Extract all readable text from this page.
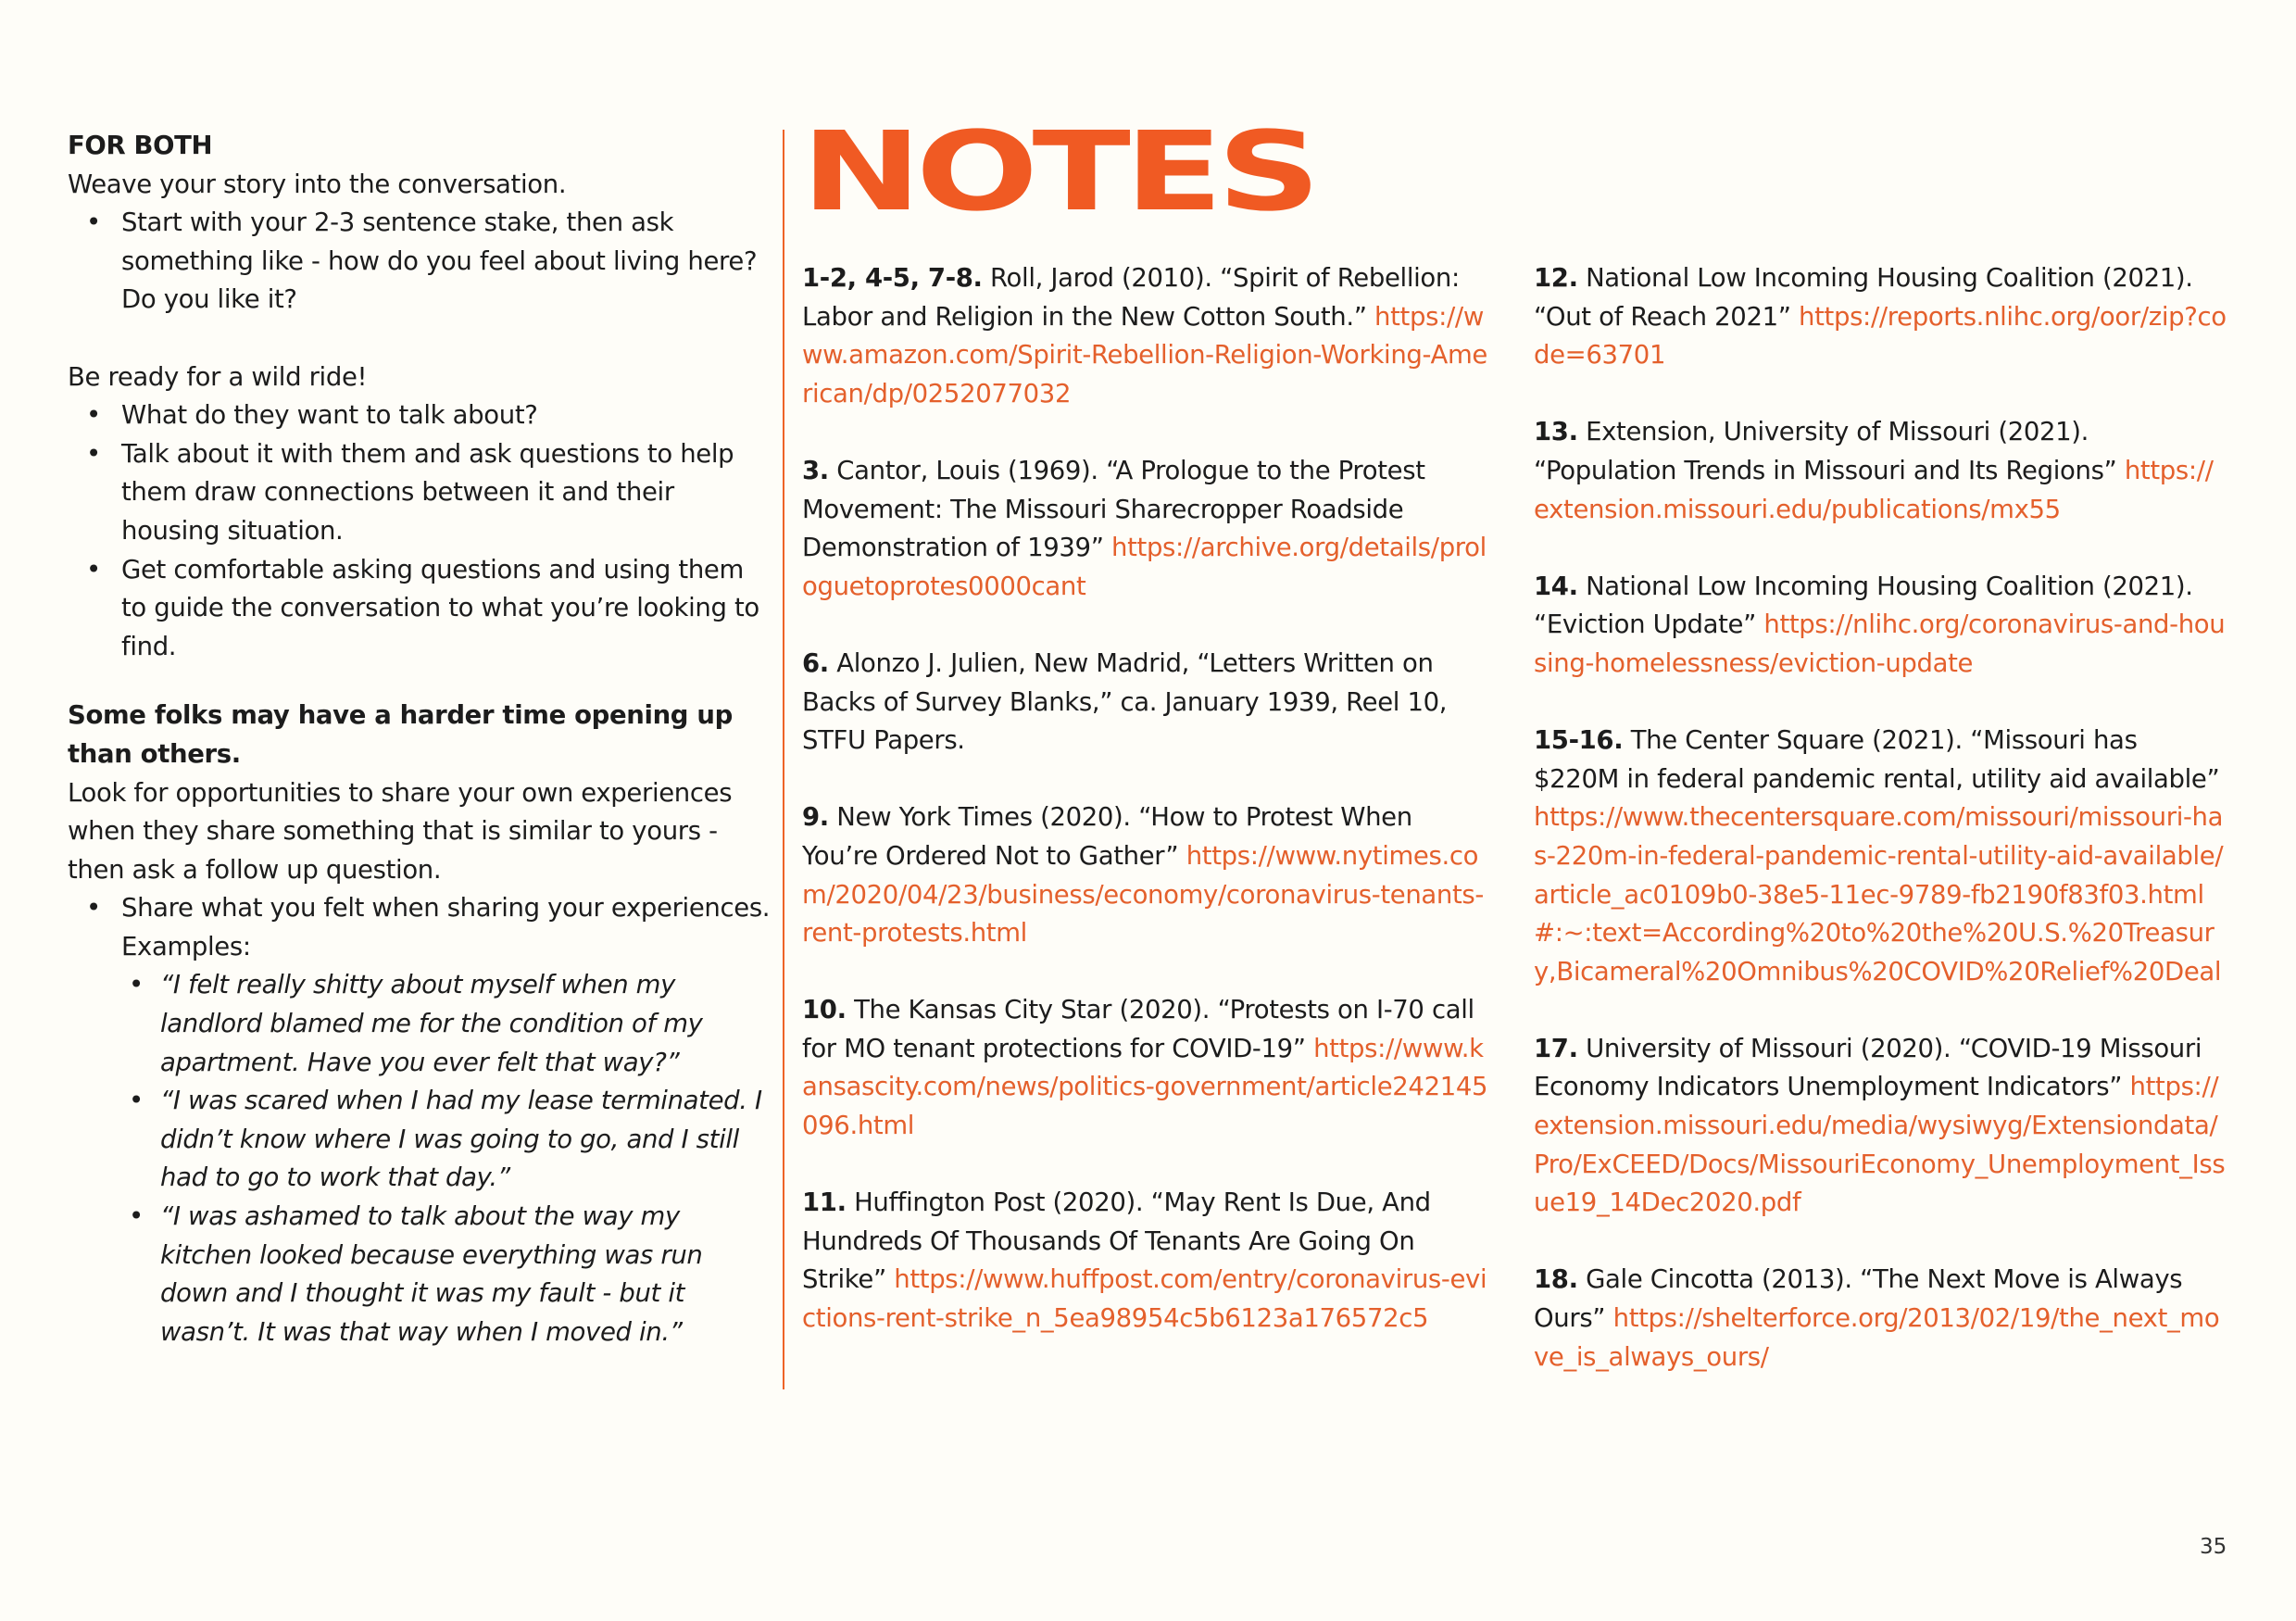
FOR BOTH

Weave your story into the conversation.

• Start with your 2-3 sentence stake, then ask something like - how do you feel about living here? Do you like it?

Be ready for a wild ride!

• What do they want to talk about?
• Talk about it with them and ask questions to help them draw connections between it and their housing situation.
• Get comfortable asking questions and using them to guide the conversation to what you’re looking to find.

Some folks may have a harder time opening up than others.

Look for opportunities to share your own experiences when they share something that is similar to yours - then ask a follow up question.

• Share what you felt when sharing your experiences. Examples:
• “I felt really shitty about myself when my landlord blamed me for the condition of my apartment. Have you ever felt that way?”
• “I was scared when I had my lease terminated. I didn’t know where I was going to go, and I still had to go to work that day.”
• “I was ashamed to talk about the way my kitchen looked because everything was run down and I thought it was my fault - but it wasn’t. It was that way when I moved in.”
NOTES

1-2, 4-5, 7-8. Roll, Jarod (2010). “Spirit of Rebellion: Labor and Religion in the New Cotton South.” https://www.amazon.com/Spirit-Rebellion-Religion-Working-American/dp/0252077032

3. Cantor, Louis (1969). “A Prologue to the Protest Movement: The Missouri Sharecropper Roadside Demonstration of 1939” https://archive.org/details/prologuetoprotes0000cant

6. Alonzo J. Julien, New Madrid, “Letters Written on Backs of Survey Blanks,” ca. January 1939, Reel 10, STFU Papers.

9. New York Times (2020). “How to Protest When You’re Ordered Not to Gather” https://www.nytimes.com/2020/04/23/business/economy/coronavirus-tenants-rent-protests.html

10. The Kansas City Star (2020). “Protests on I-70 call for MO tenant protections for COVID-19” https://www.kansascity.com/news/politics-government/article242145096.html

11. Huffington Post (2020). “May Rent Is Due, And Hundreds Of Thousands Of Tenants Are Going On Strike” https://www.huffpost.com/entry/coronavirus-evictions-rent-strike_n_5ea98954c5b6123a176572c5

12. National Low Incoming Housing Coalition (2021). “Out of Reach 2021” https://reports.nlihc.org/oor/zip?code=63701

13. Extension, University of Missouri (2021). “Population Trends in Missouri and Its Regions” https://extension.missouri.edu/publications/mx55

14. National Low Incoming Housing Coalition (2021). “Eviction Update” https://nlihc.org/coronavirus-and-housing-homelessness/eviction-update

15-16. The Center Square (2021). “Missouri has $220M in federal pandemic rental, utility aid available” https://www.thecentersquare.com/missouri/missouri-has-220m-in-federal-pandemic-rental-utility-aid-available/article_ac0109b0-38e5-11ec-9789-fb2190f83f03.html#:~:text=According%20to%20the%20U.S.%20Treasury,Bicameral%20Omnibus%20COVID%20Relief%20Deal

17. University of Missouri (2020). “COVID-19 Missouri Economy Indicators Unemployment Indicators” https://extension.missouri.edu/media/wysiwyg/Extensiondata/Pro/ExCEED/Docs/MissouriEconomy_Unemployment_Issue19_14Dec2020.pdf

18. Gale Cincotta (2013). “The Next Move is Always Ours” https://shelterforce.org/2013/02/19/the_next_move_is_always_ours/

35
